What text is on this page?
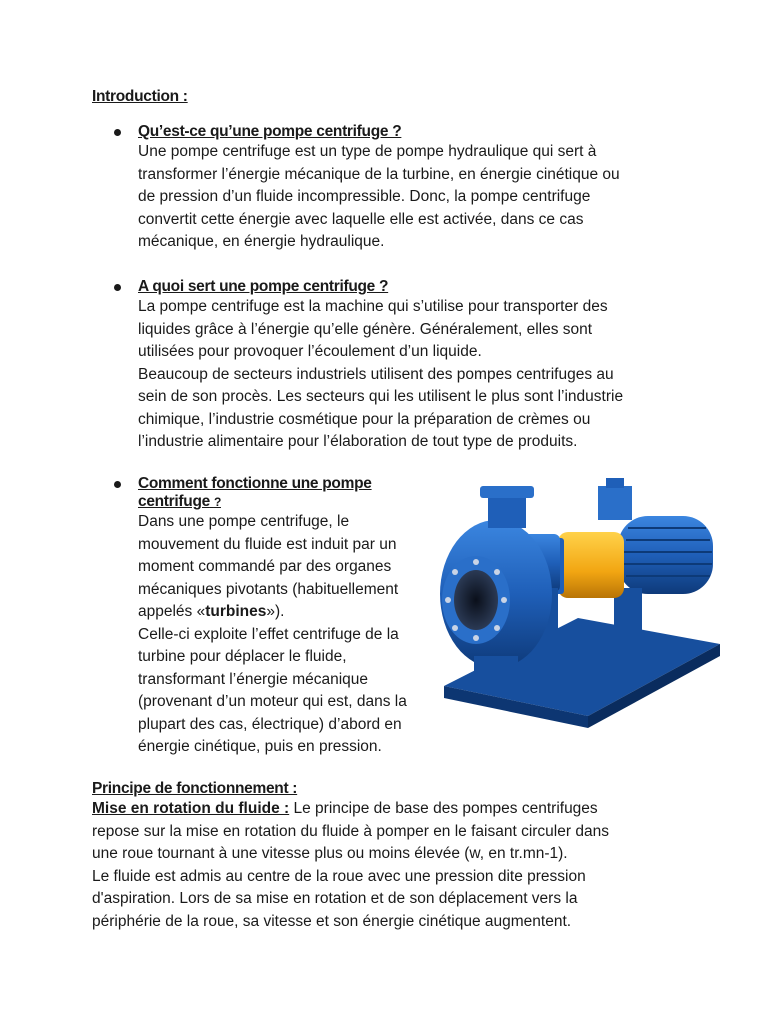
Introduction :
Qu’est-ce qu’une pompe centrifuge ?

Une pompe centrifuge est un type de pompe hydraulique qui sert à
transformer l’énergie mécanique de la turbine, en énergie cinétique ou
de pression d’un fluide incompressible. Donc, la pompe centrifuge
convertit cette énergie avec laquelle elle est activée, dans ce cas
mécanique, en énergie hydraulique.

A quoi sert une pompe centrifuge ?

La pompe centrifuge est la machine qui s’utilise pour transporter des
liquides grâce à l’énergie qu’elle génère. Généralement, elles sont
utilisées pour provoquer l’écoulement d’un liquide.
Beaucoup de secteurs industriels utilisent des pompes centrifuges au
sein de son procès. Les secteurs qui les utilisent le plus sont l’industrie
chimique, l’industrie cosmétique pour la préparation de crèmes ou
l’industrie alimentaire pour l’élaboration de tout type de produits.

Comment fonctionne une pompe
centrifuge ?

Dans une pompe centrifuge, le
mouvement du fluide est induit par un
moment commandé par des organes
mécaniques pivotants (habituellement
appelés «turbines»).
Celle-ci exploite l’effet centrifuge de la
turbine pour déplacer le fluide,
transformant l’énergie mécanique
(provenant d’un moteur qui est, dans la
plupart des cas, électrique) d’abord en
énergie cinétique, puis en pression.

Principe de fonctionnement :

Mise en rotation du fluide : Le principe de base des pompes centrifuges
repose sur la mise en rotation du fluide à pomper en le faisant circuler dans
une roue tournant à une vitesse plus ou moins élevée (w, en tr.mn-1).
Le fluide est admis au centre de la roue avec une pression dite pression
d'aspiration. Lors de sa mise en rotation et de son déplacement vers la
périphérie de la roue, sa vitesse et son énergie cinétique augmentent.
